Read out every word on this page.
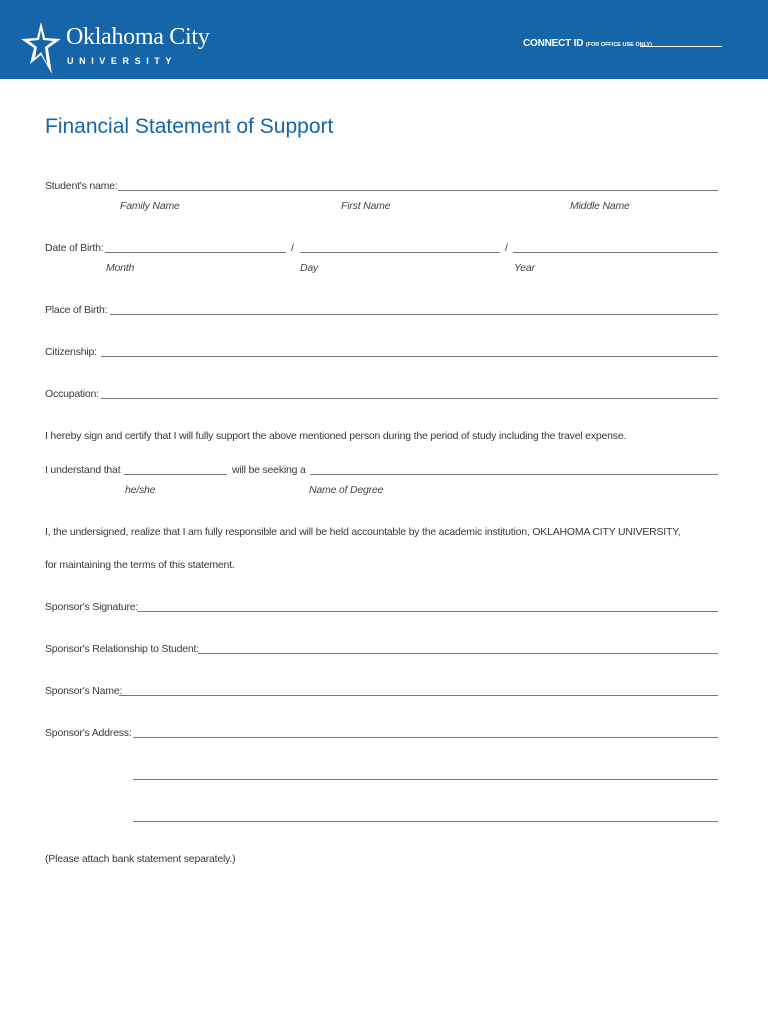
Oklahoma City
UNIVERSITY
CONNECT ID (FOR OFFICE USE ONLY)
Financial Statement of Support
Student's name:
Family Name	First Name	Middle Name
Date of Birth:	/	/
Month	Day	Year
Place of Birth:
Citizenship:
Occupation:
I hereby sign and certify that I will fully support the above mentioned person during the period of study including the travel expense.
I understand that	will be seeking a
he/she	Name of Degree
I, the undersigned, realize that I am fully responsible and will be held accountable by the academic institution, OKLAHOMA CITY UNIVERSITY,
for maintaining the terms of this statement.
Sponsor's Signature:
Sponsor's Relationship to Student:
Sponsor's Name:
Sponsor's Address:
(Please attach bank statement separately.)
